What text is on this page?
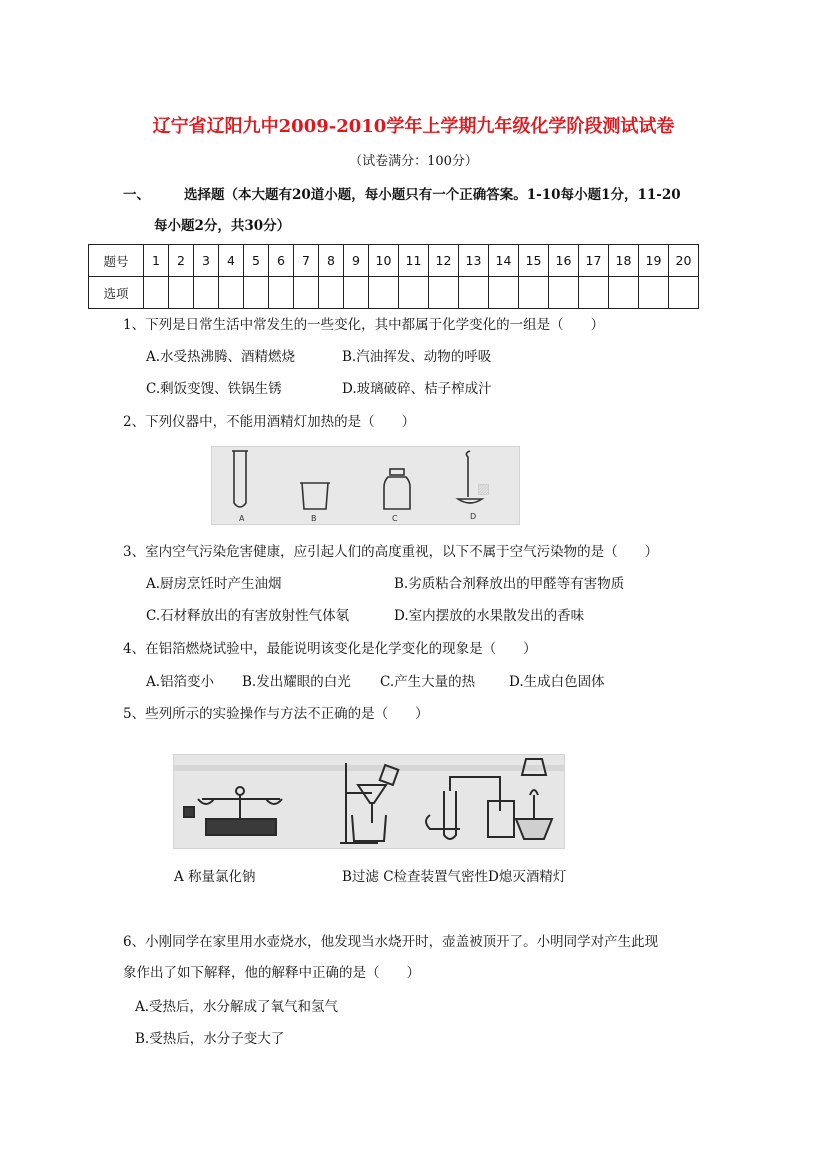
辽宁省辽阳九中2009-2010学年上学期九年级化学阶段测试试卷
（试卷满分：100分）
一、	选择题（本大题有20道小题，每小题只有一个正确答案。1-10每小题1分，11-20
每小题2分，共30分）
题号	1	2	3	4	5	6	7	8	9	10	11	12	13	14	15	16	17	18	19	20
选项																				
1、下列是日常生活中常发生的一些变化，其中都属于化学变化的一组是（　　）
A.水受热沸腾、酒精燃烧	B.汽油挥发、动物的呼吸
C.剩饭变馊、铁锅生锈	D.玻璃破碎、桔子榨成汁
2、下列仪器中，不能用酒精灯加热的是（　　）
▨
A	B	C	D
3、室内空气污染危害健康，应引起人们的高度重视，以下不属于空气污染物的是（　　）
A.厨房烹饪时产生油烟	B.劣质粘合剂释放出的甲醛等有害物质
C.石材释放出的有害放射性气体氡	D.室内摆放的水果散发出的香味
4、在铝箔燃烧试验中，最能说明该变化是化学变化的现象是（　　）
A.铝箔变小 B.发出耀眼的白光 C.产生大量的热	D.生成白色固体
5、些列所示的实验操作与方法不正确的是（　　）
A 称量氯化钠	B过滤 C检查装置气密性D熄灭酒精灯
6、小刚同学在家里用水壶烧水，他发现当水烧开时，壶盖被顶开了。小明同学对产生此现
象作出了如下解释，他的解释中正确的是（　　）
A.受热后，水分解成了氧气和氢气
B.受热后，水分子变大了
